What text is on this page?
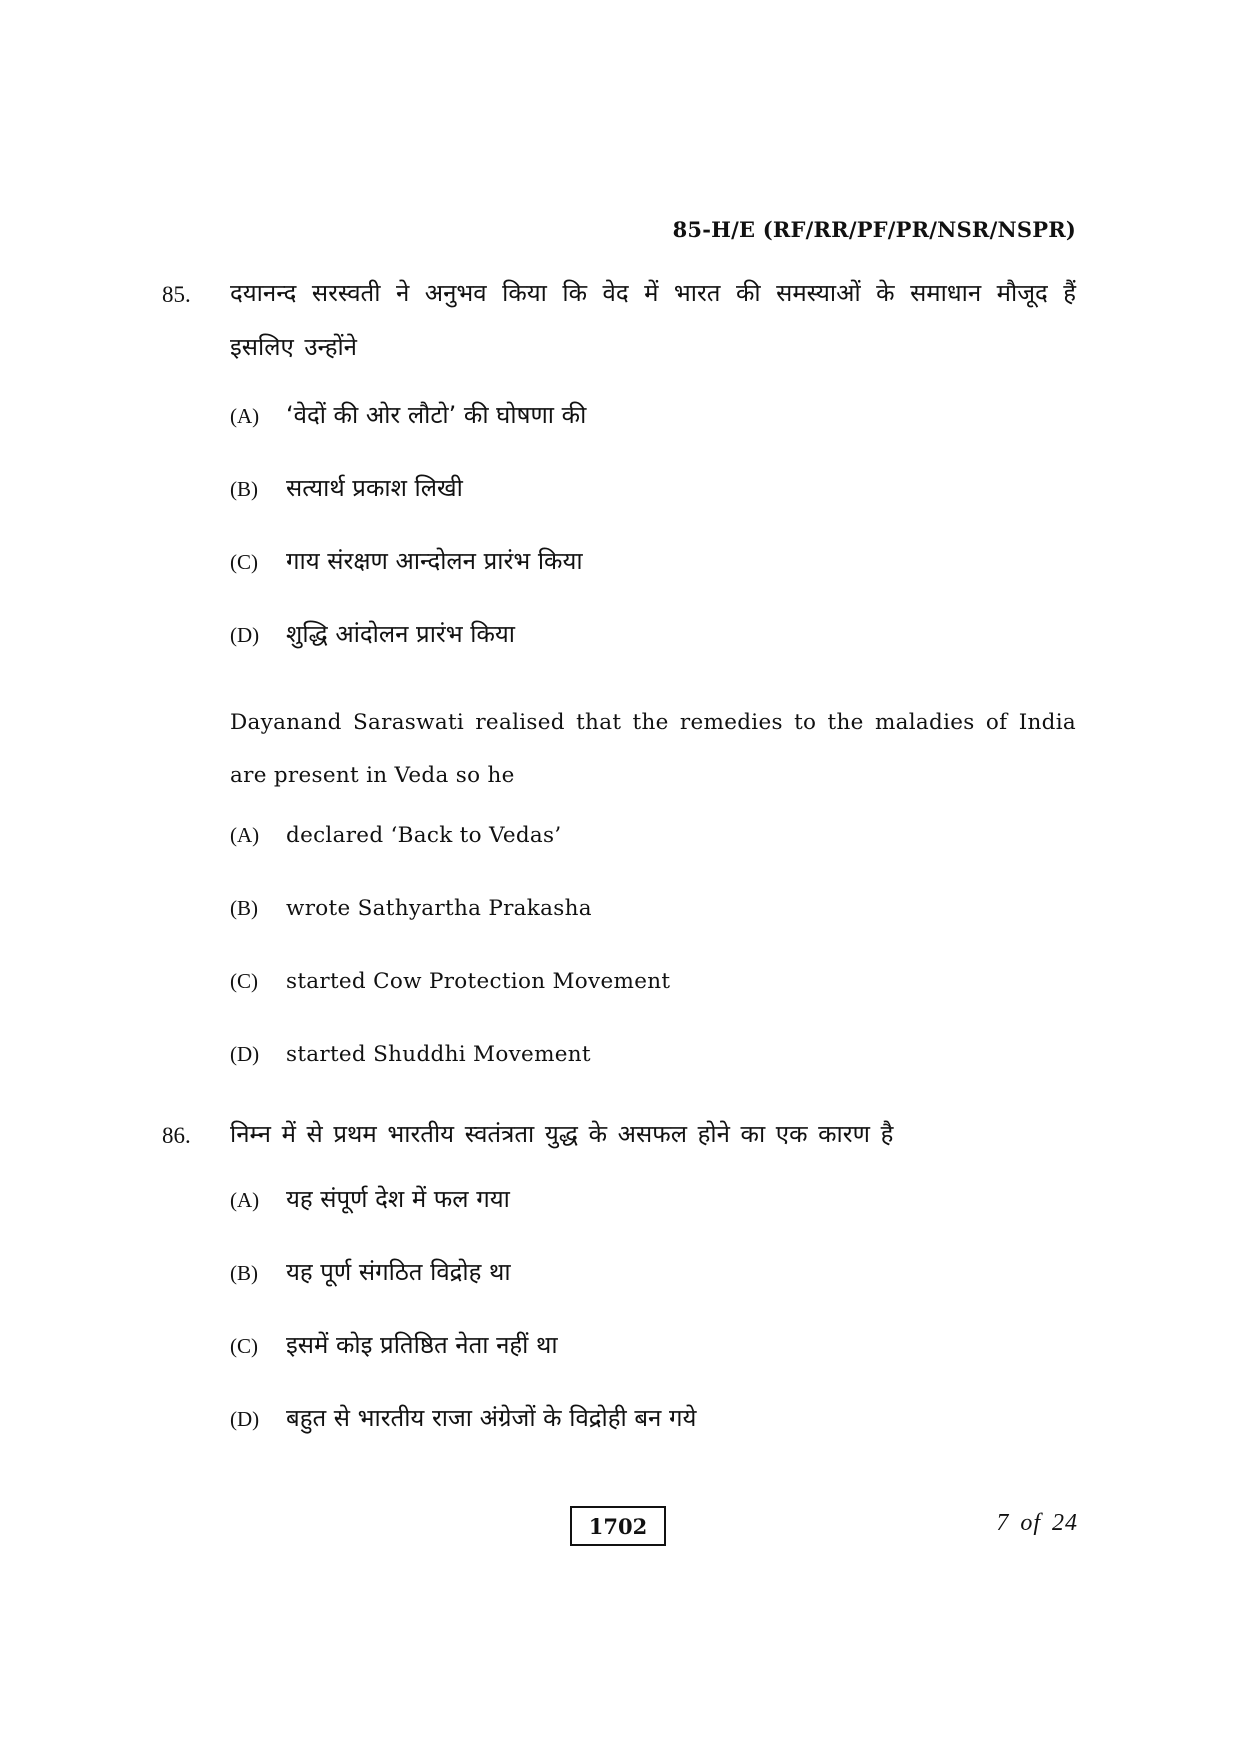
85-H/E (RF/RR/PF/PR/NSR/NSPR)
85. दयानन्द सरस्वती ने अनुभव किया कि वेद में भारत की समस्याओं के समाधान मौजूद हैं इसलिए उन्होंने

(A)	‘वेदों की ओर लौटो’ की घोषणा की
(B)	सत्यार्थ प्रकाश लिखी
(C)	गाय संरक्षण आन्दोलन प्रारंभ किया
(D)	शुद्धि आंदोलन प्रारंभ किया

Dayanand Saraswati realised that the remedies to the maladies of India are present in Veda so he

(A)	declared ‘Back to Vedas’
(B)	wrote Sathyartha Prakasha
(C)	started Cow Protection Movement
(D)	started Shuddhi Movement
86. निम्न में से प्रथम भारतीय स्वतंत्रता युद्ध के असफल होने का एक कारण है

(A)	यह संपूर्ण देश में फल गया
(B)	यह पूर्ण संगठित विद्रोह था
(C)	इसमें कोइ प्रतिष्ठित नेता नहीं था
(D)	बहुत से भारतीय राजा अंग्रेजों के विद्रोही बन गये
1702	7 of 24
